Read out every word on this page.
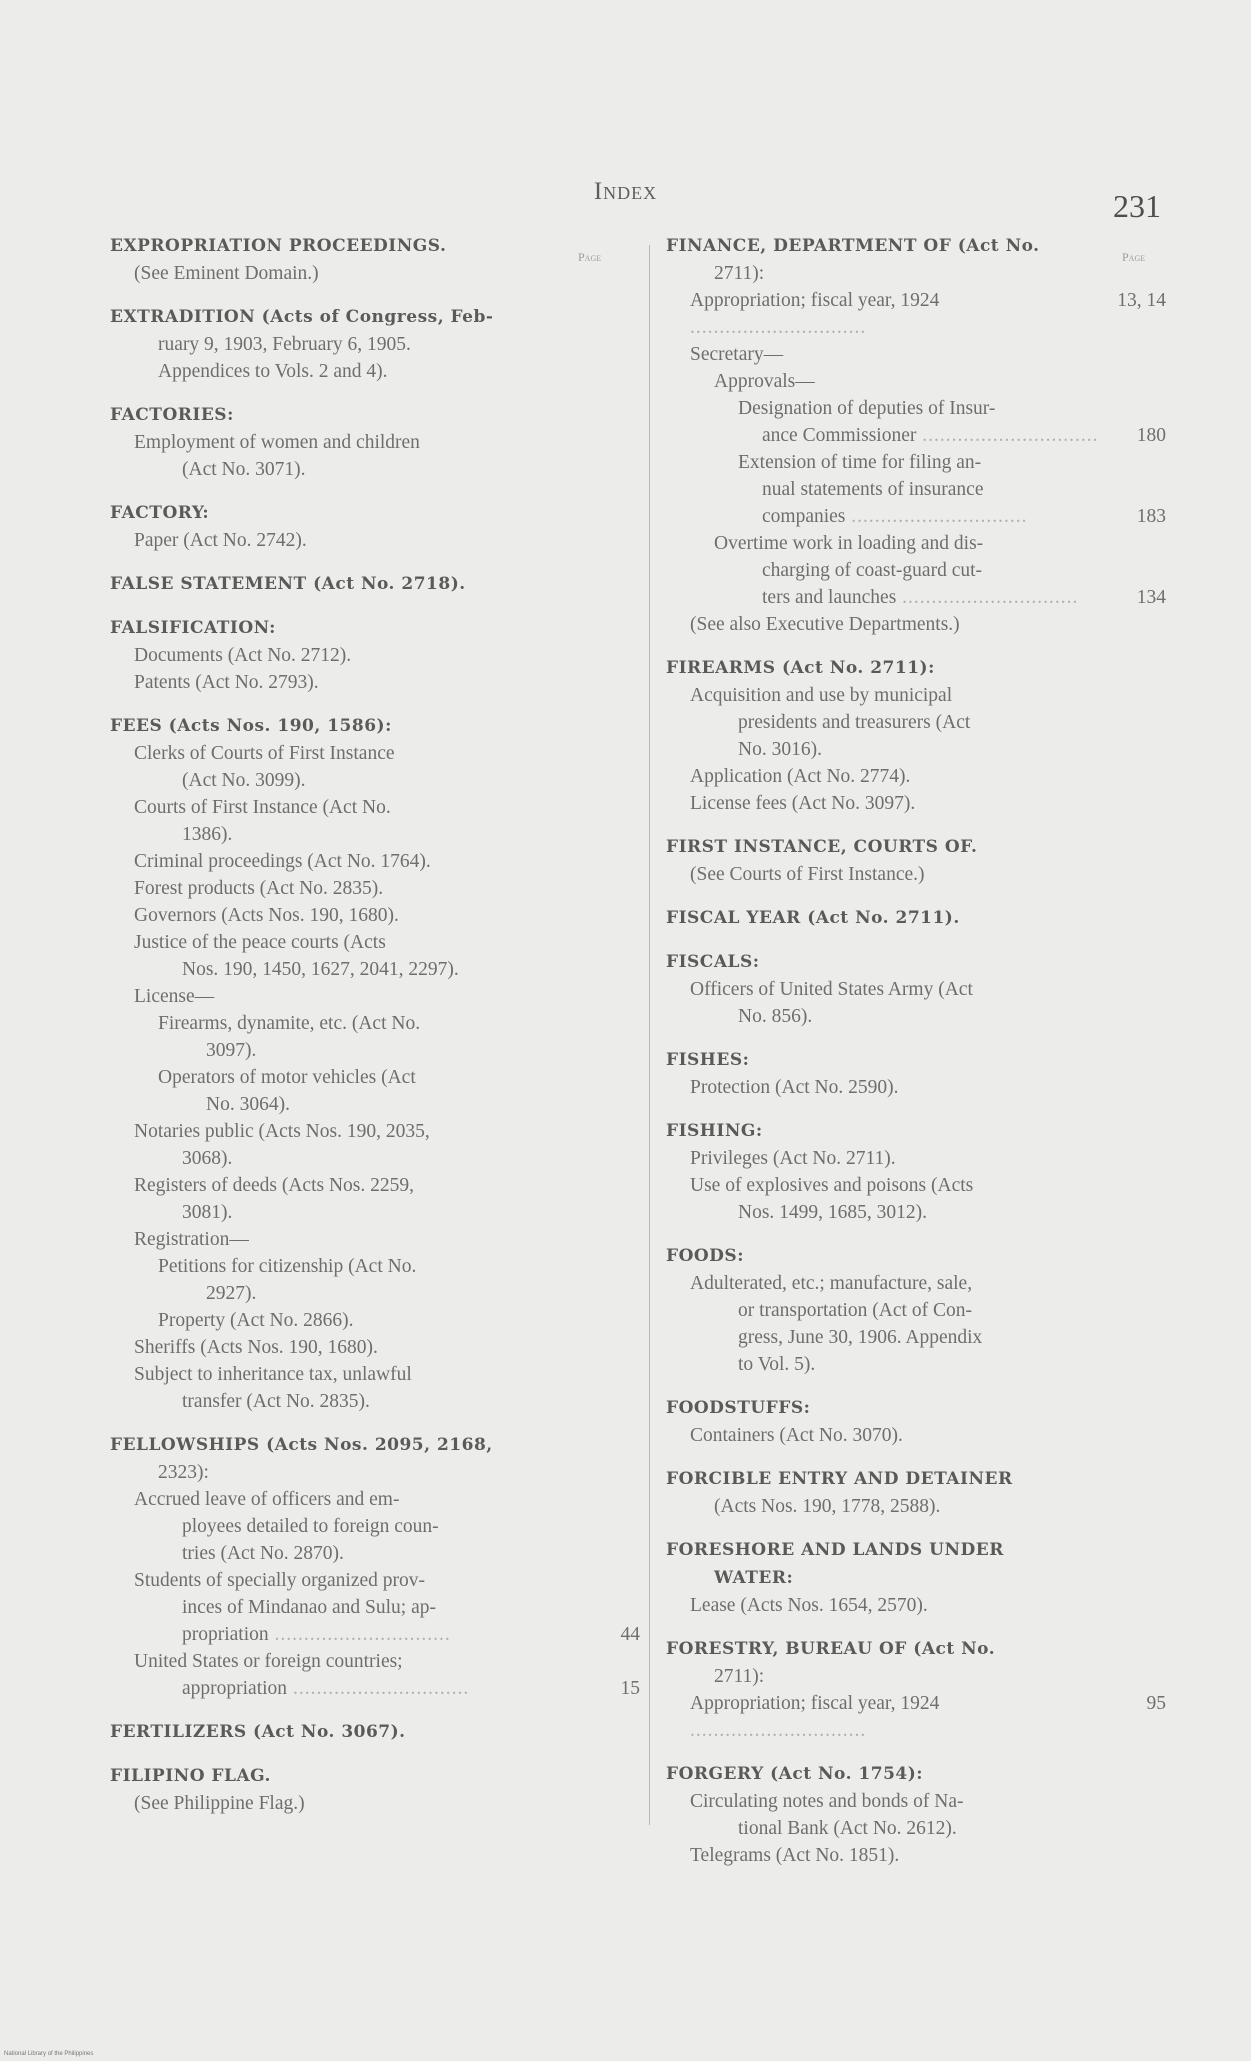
Index	231
Page	Page
EXPROPRIATION PROCEEDINGS.
(See Eminent Domain.)
EXTRADITION (Acts of Congress, Feb-
ruary 9, 1903, February 6, 1905.
Appendices to Vols. 2 and 4).
FACTORIES:
Employment of women and children
(Act No. 3071).
FACTORY:
Paper (Act No. 2742).
FALSE STATEMENT (Act No. 2718).
FALSIFICATION:
Documents (Act No. 2712).
Patents (Act No. 2793).
FEES (Acts Nos. 190, 1586):
Clerks of Courts of First Instance
(Act No. 3099).
Courts of First Instance (Act No.
1386).
Criminal proceedings (Act No. 1764).
Forest products (Act No. 2835).
Governors (Acts Nos. 190, 1680).
Justice of the peace courts (Acts
Nos. 190, 1450, 1627, 2041, 2297).
License—
Firearms, dynamite, etc. (Act No.
3097).
Operators of motor vehicles (Act
No. 3064).
Notaries public (Acts Nos. 190, 2035,
3068).
Registers of deeds (Acts Nos. 2259,
3081).
Registration—
Petitions for citizenship (Act No.
2927).
Property (Act No. 2866).
Sheriffs (Acts Nos. 190, 1680).
Subject to inheritance tax, unlawful
transfer (Act No. 2835).
FELLOWSHIPS (Acts Nos. 2095, 2168,
2323):
Accrued leave of officers and em-
ployees detailed to foreign coun-
tries (Act No. 2870).
Students of specially organized prov-
inces of Mindanao and Sulu; ap-
propriation .....	44
United States or foreign countries;
appropriation .....	15
FERTILIZERS (Act No. 3067).
FILIPINO FLAG.
(See Philippine Flag.)
FINANCE, DEPARTMENT OF (Act No.
2711):
Appropriation; fiscal year, 1924 .....	13, 14
Secretary—
Approvals—
Designation of deputies of Insur-
ance Commissioner .....	180
Extension of time for filing an-
nual statements of insurance
companies .....	183
Overtime work in loading and dis-
charging of coast-guard cut-
ters and launches .....	134
(See also Executive Departments.)
FIREARMS (Act No. 2711):
Acquisition and use by municipal
presidents and treasurers (Act
No. 3016).
Application (Act No. 2774).
License fees (Act No. 3097).
FIRST INSTANCE, COURTS OF.
(See Courts of First Instance.)
FISCAL YEAR (Act No. 2711).
FISCALS:
Officers of United States Army (Act
No. 856).
FISHES:
Protection (Act No. 2590).
FISHING:
Privileges (Act No. 2711).
Use of explosives and poisons (Acts
Nos. 1499, 1685, 3012).
FOODS:
Adulterated, etc.; manufacture, sale,
or transportation (Act of Con-
gress, June 30, 1906. Appendix
to Vol. 5).
FOODSTUFFS:
Containers (Act No. 3070).
FORCIBLE ENTRY AND DETAINER
(Acts Nos. 190, 1778, 2588).
FORESHORE AND LANDS UNDER
WATER:
Lease (Acts Nos. 1654, 2570).
FORESTRY, BUREAU OF (Act No.
2711):
Appropriation; fiscal year, 1924 .....	95
FORGERY (Act No. 1754):
Circulating notes and bonds of Na-
tional Bank (Act No. 2612).
Telegrams (Act No. 1851).
National Library of the Philippines
